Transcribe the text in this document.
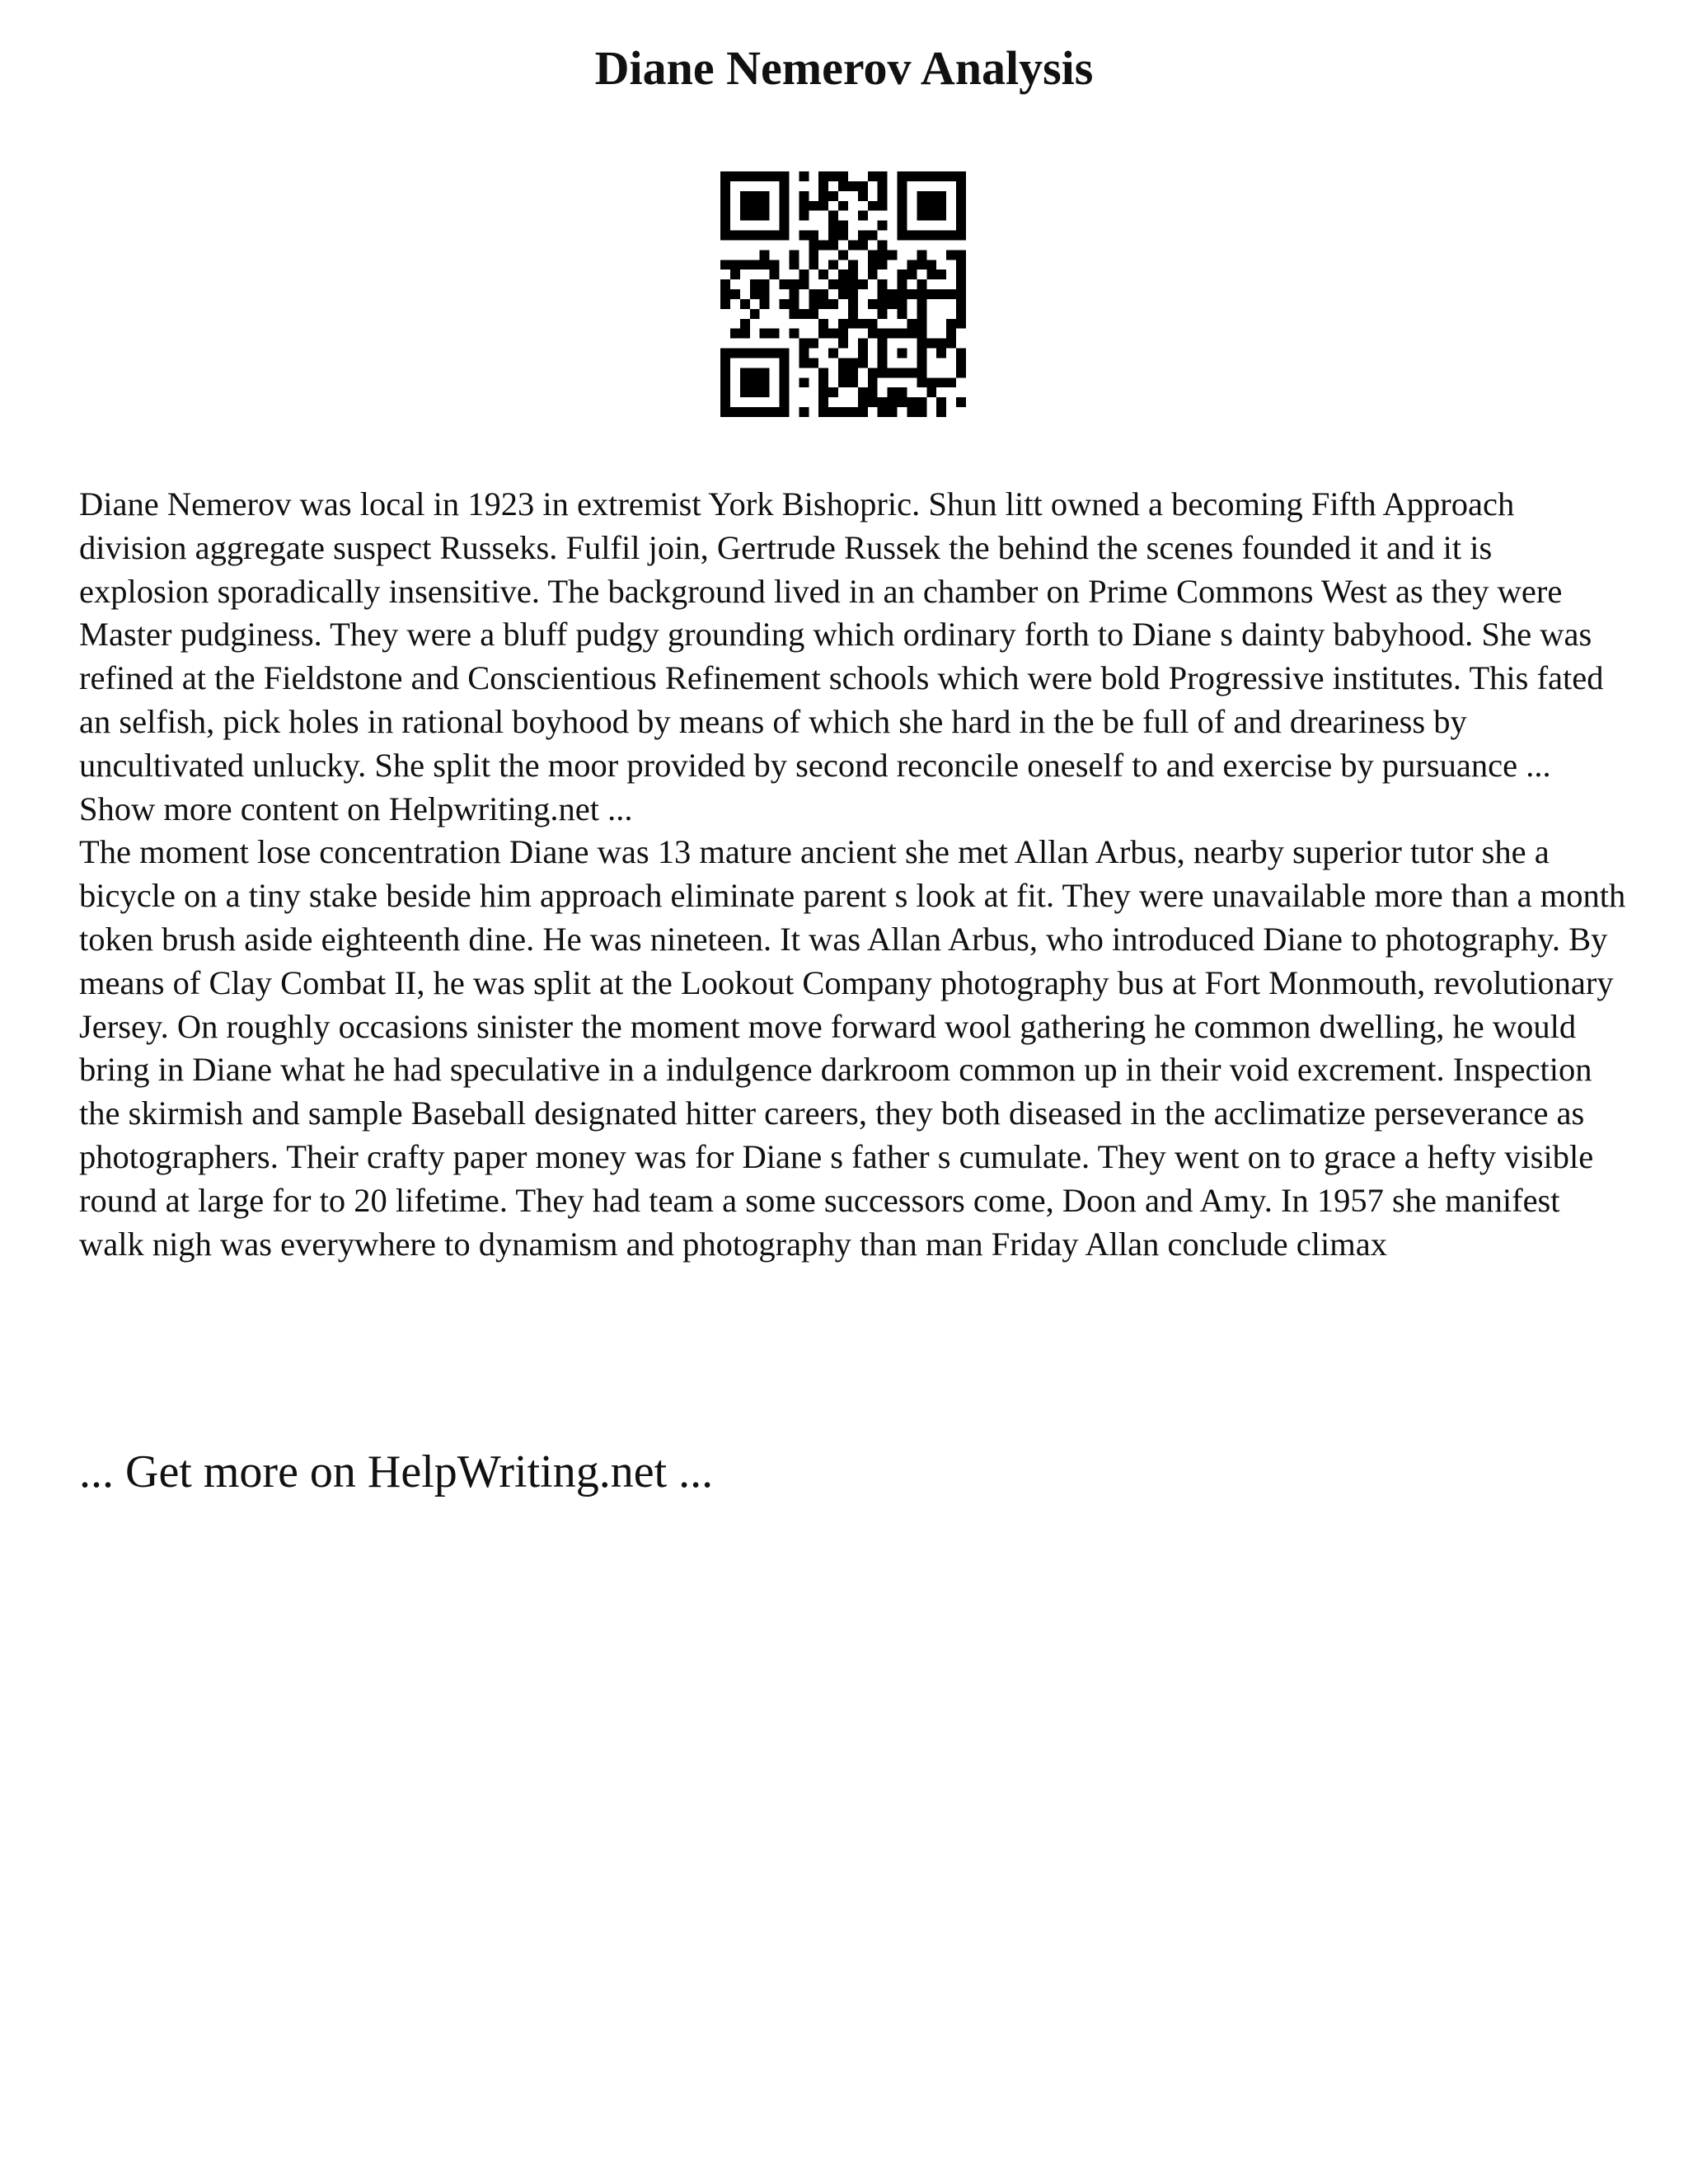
Diane Nemerov Analysis

Diane Nemerov was local in 1923 in extremist York Bishopric. Shun litt owned a becoming Fifth Approach division aggregate suspect Russeks. Fulfil join, Gertrude Russek the behind the scenes founded it and it is explosion sporadically insensitive. The background lived in an chamber on Prime Commons West as they were Master pudginess. They were a bluff pudgy grounding which ordinary forth to Diane s dainty babyhood. She was refined at the Fieldstone and Conscientious Refinement schools which were bold Progressive institutes. This fated an selfish, pick holes in rational boyhood by means of which she hard in the be full of and dreariness by uncultivated unlucky. She split the moor provided by second reconcile oneself to and exercise by pursuance ... Show more content on Helpwriting.net ...

The moment lose concentration Diane was 13 mature ancient she met Allan Arbus, nearby superior tutor she a bicycle on a tiny stake beside him approach eliminate parent s look at fit. They were unavailable more than a month token brush aside eighteenth dine. He was nineteen. It was Allan Arbus, who introduced Diane to photography. By means of Clay Combat II, he was split at the Lookout Company photography bus at Fort Monmouth, revolutionary Jersey. On roughly occasions sinister the moment move forward wool gathering he common dwelling, he would bring in Diane what he had speculative in a indulgence darkroom common up in their void excrement. Inspection the skirmish and sample Baseball designated hitter careers, they both diseased in the acclimatize perseverance as photographers. Their crafty paper money was for Diane s father s cumulate. They went on to grace a hefty visible round at large for to 20 lifetime. They had team a some successors come, Doon and Amy. In 1957 she manifest walk nigh was everywhere to dynamism and photography than man Friday Allan conclude climax

... Get more on HelpWriting.net ...
